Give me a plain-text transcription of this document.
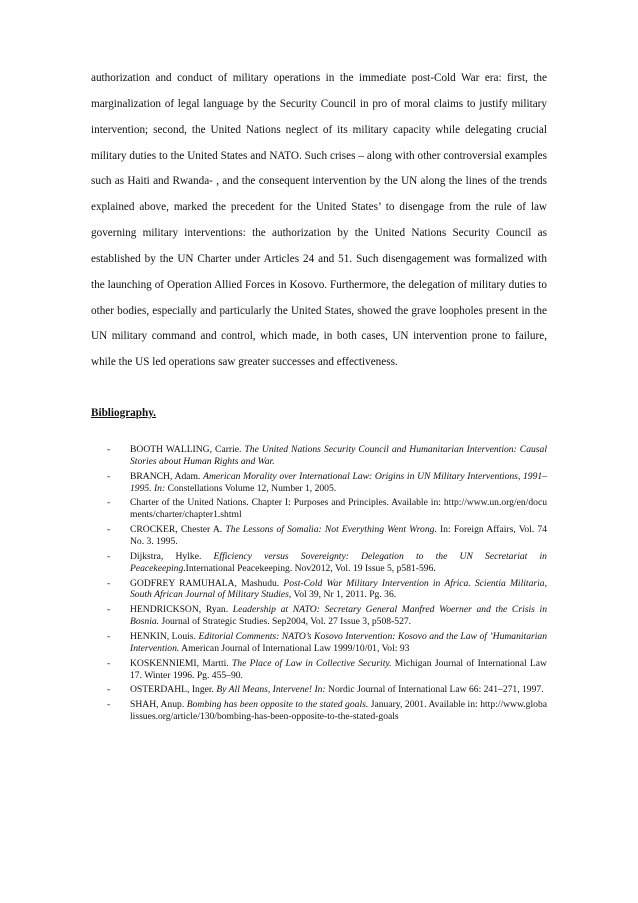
authorization and conduct of military operations in the immediate post-Cold War era: first, the marginalization of legal language by the Security Council in pro of moral claims to justify military intervention; second, the United Nations neglect of its military capacity while delegating crucial military duties to the United States and NATO. Such crises – along with other controversial examples such as Haiti and Rwanda- , and the consequent intervention by the UN along the lines of the trends explained above, marked the precedent for the United States’ to disengage from the rule of law governing military interventions: the authorization by the United Nations Security Council as established by the UN Charter under Articles 24 and 51. Such disengagement was formalized with the launching of Operation Allied Forces in Kosovo. Furthermore, the delegation of military duties to other bodies, especially and particularly the United States, showed the grave loopholes present in the UN military command and control, which made, in both cases, UN intervention prone to failure, while the US led operations saw greater successes and effectiveness.

Bibliography.

- BOOTH WALLING, Carrie. The United Nations Security Council and Humanitarian Intervention: Causal Stories about Human Rights and War.
- BRANCH, Adam. American Morality over International Law: Origins in UN Military Interventions, 1991–1995. In: Constellations Volume 12, Number 1, 2005.
- Charter of the United Nations. Chapter I: Purposes and Principles. Available in: http://www.un.org/en/documents/charter/chapter1.shtml
- CROCKER, Chester A. The Lessons of Somalia: Not Everything Went Wrong. In: Foreign Affairs, Vol. 74 No. 3. 1995.
- Dijkstra, Hylke. Efficiency versus Sovereignty: Delegation to the UN Secretariat in Peacekeeping.International Peacekeeping. Nov2012, Vol. 19 Issue 5, p581-596.
- GODFREY RAMUHALA, Mashudu. Post-Cold War Military Intervention in Africa. Scientia Militaria, South African Journal of Military Studies, Vol 39, Nr 1, 2011. Pg. 36.
- HENDRICKSON, Ryan. Leadership at NATO: Secretary General Manfred Woerner and the Crisis in Bosnia. Journal of Strategic Studies. Sep2004, Vol. 27 Issue 3, p508-527.
- HENKIN, Louis. Editorial Comments: NATO’s Kosovo Intervention: Kosovo and the Law of ’Humanitarian Intervention. American Journal of International Law 1999/10/01, Vol: 93
- KOSKENNIEMI, Martti. The Place of Law in Collective Security. Michigan Journal of International Law 17. Winter 1996. Pg. 455–90.
- OSTERDAHL, Inger. By All Means, Intervene! In: Nordic Journal of International Law 66: 241–271, 1997.
- SHAH, Anup. Bombing has been opposite to the stated goals. January, 2001. Available in: http://www.globalissues.org/article/130/bombing-has-been-opposite-to-the-stated-goals
